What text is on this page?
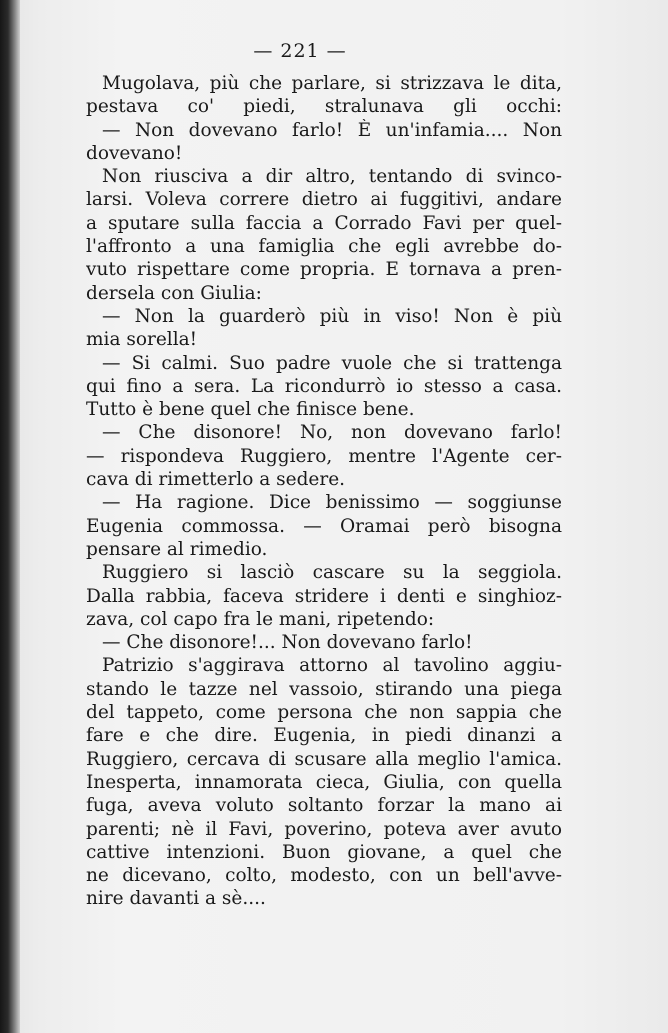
— 221 —
Mugolava, più che parlare, si strizzava le dita,
pestava co' piedi, stralunava gli occhi:
— Non dovevano farlo! È un'infamia.... Non
dovevano!
Non riusciva a dir altro, tentando di svinco-
larsi. Voleva correre dietro ai fuggitivi, andare
a sputare sulla faccia a Corrado Favi per quel-
l'affronto a una famiglia che egli avrebbe do-
vuto rispettare come propria. E tornava a pren-
dersela con Giulia:
— Non la guarderò più in viso! Non è più
mia sorella!
— Si calmi. Suo padre vuole che si trattenga
qui fino a sera. La ricondurrò io stesso a casa.
Tutto è bene quel che finisce bene.
— Che disonore! No, non dovevano farlo!
— rispondeva Ruggiero, mentre l'Agente cer-
cava di rimetterlo a sedere.
— Ha ragione. Dice benissimo — soggiunse
Eugenia commossa. — Oramai però bisogna
pensare al rimedio.
Ruggiero si lasciò cascare su la seggiola.
Dalla rabbia, faceva stridere i denti e singhioz-
zava, col capo fra le mani, ripetendo:
— Che disonore!... Non dovevano farlo!
Patrizio s'aggirava attorno al tavolino aggiu-
stando le tazze nel vassoio, stirando una piega
del tappeto, come persona che non sappia che
fare e che dire. Eugenia, in piedi dinanzi a
Ruggiero, cercava di scusare alla meglio l'amica.
Inesperta, innamorata cieca, Giulia, con quella
fuga, aveva voluto soltanto forzar la mano ai
parenti; nè il Favi, poverino, poteva aver avuto
cattive intenzioni. Buon giovane, a quel che
ne dicevano, colto, modesto, con un bell'avve-
nire davanti a sè....
